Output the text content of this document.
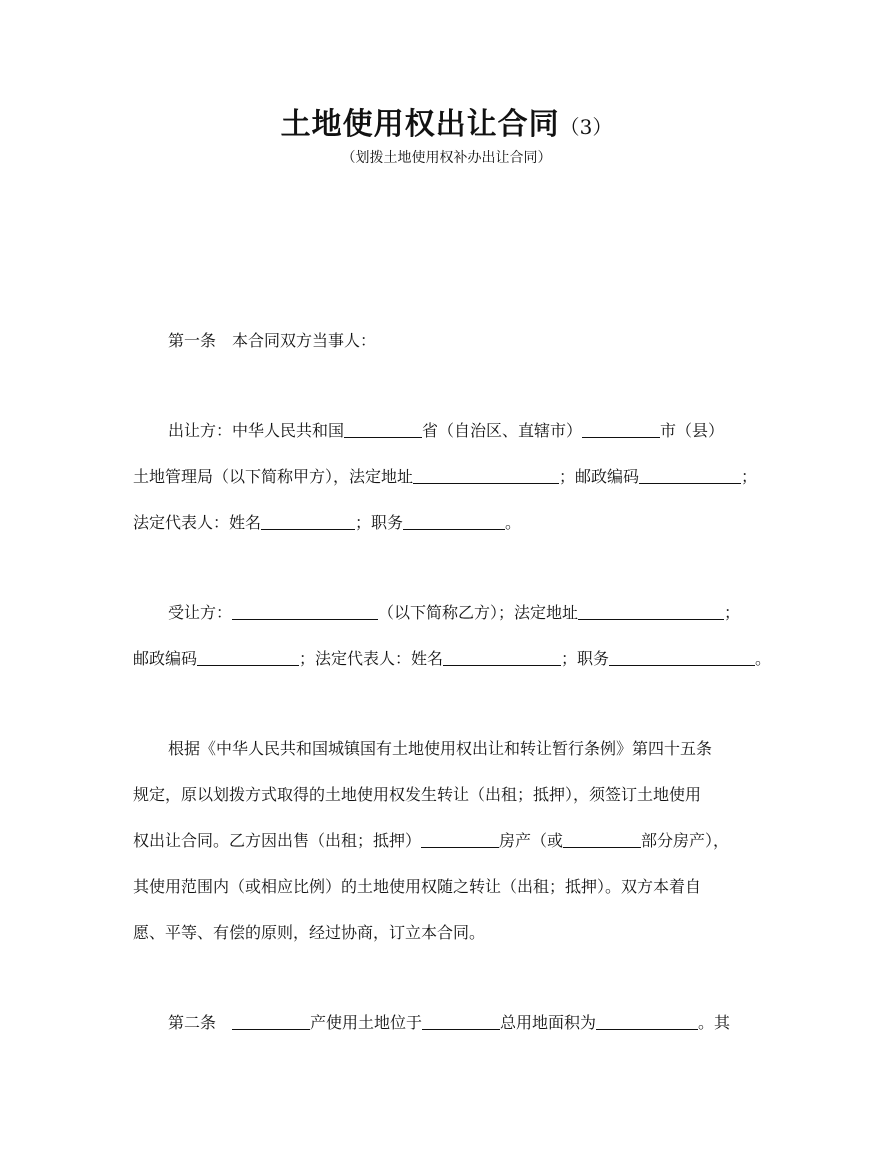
土地使用权出让合同（3）
（划拨土地使用权补办出让合同）
第一条　本合同双方当事人：
出让方：中华人民共和国	省（自治区、直辖市）	市（县）
土地管理局（以下简称甲方），法定地址	；邮政编码	；
法定代表人：姓名	；职务	。
受让方：	（以下简称乙方）；法定地址	；
邮政编码	；法定代表人：姓名	；职务	。
根据《中华人民共和国城镇国有土地使用权出让和转让暂行条例》第四十五条
规定，原以划拨方式取得的土地使用权发生转让（出租；抵押），须签订土地使用
权出让合同。乙方因出售（出租；抵押）	房产（或	部分房产），
其使用范围内（或相应比例）的土地使用权随之转让（出租；抵押）。双方本着自
愿、平等、有偿的原则，经过协商，订立本合同。
第二条　	产使用土地位于	总用地面积为	。其
